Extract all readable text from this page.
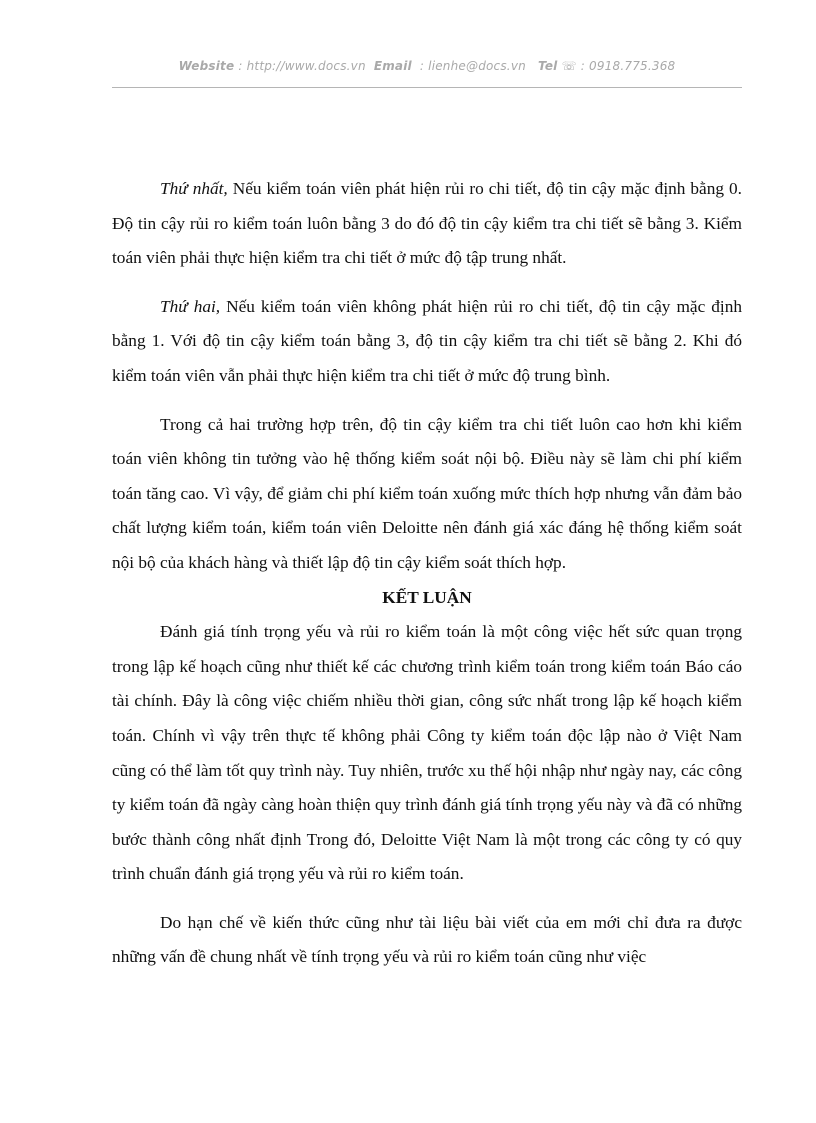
Website : http://www.docs.vn Email  : lienhe@docs.vn Tel ☏ : 0918.775.368

Thứ nhất, Nếu kiểm toán viên phát hiện rủi ro chi tiết, độ tin cậy mặc định bằng 0. Độ tin cậy rủi ro kiểm toán luôn bằng 3 do đó độ tin cậy kiểm tra chi tiết sẽ bằng 3. Kiểm toán viên phải thực hiện kiểm tra chi tiết ở mức độ tập trung nhất.

Thứ hai, Nếu kiểm toán viên không phát hiện rủi ro chi tiết, độ tin cậy mặc định bằng 1. Với độ tin cậy kiểm toán bằng 3, độ tin cậy kiểm tra chi tiết sẽ bằng 2. Khi đó kiểm toán viên vẫn phải thực hiện kiểm tra chi tiết ở mức độ trung bình.

Trong cả hai trường hợp trên, độ tin cậy kiểm tra chi tiết luôn cao hơn khi kiểm toán viên không tin tưởng vào hệ thống kiểm soát nội bộ. Điều này sẽ làm chi phí kiểm toán tăng cao. Vì vậy, để giảm chi phí kiểm toán xuống mức thích hợp nhưng vẫn đảm bảo chất lượng kiểm toán, kiểm toán viên Deloitte nên đánh giá xác đáng hệ thống kiểm soát nội bộ của khách hàng và thiết lập độ tin cậy kiểm soát thích hợp.

KẾT LUẬN

Đánh giá tính trọng yếu và rủi ro kiểm toán là một công việc hết sức quan trọng trong lập kế hoạch cũng như thiết kế các chương trình kiểm toán trong kiểm toán Báo cáo tài chính. Đây là công việc chiếm nhiều thời gian, công sức nhất trong lập kế hoạch kiểm toán. Chính vì vậy trên thực tế không phải Công ty kiểm toán độc lập nào ở Việt Nam cũng có thể làm tốt quy trình này. Tuy nhiên, trước xu thế hội nhập như ngày nay, các công ty kiểm toán đã ngày càng hoàn thiện quy trình đánh giá tính trọng yếu này và đã có những bước thành công nhất định Trong đó, Deloitte Việt Nam là một trong các công ty có quy trình chuẩn đánh giá trọng yếu và rủi ro kiểm toán.

Do hạn chế về kiến thức cũng như tài liệu bài viết của em mới chỉ đưa ra được những vấn đề chung nhất về tính trọng yếu và rủi ro kiểm toán cũng như việc
